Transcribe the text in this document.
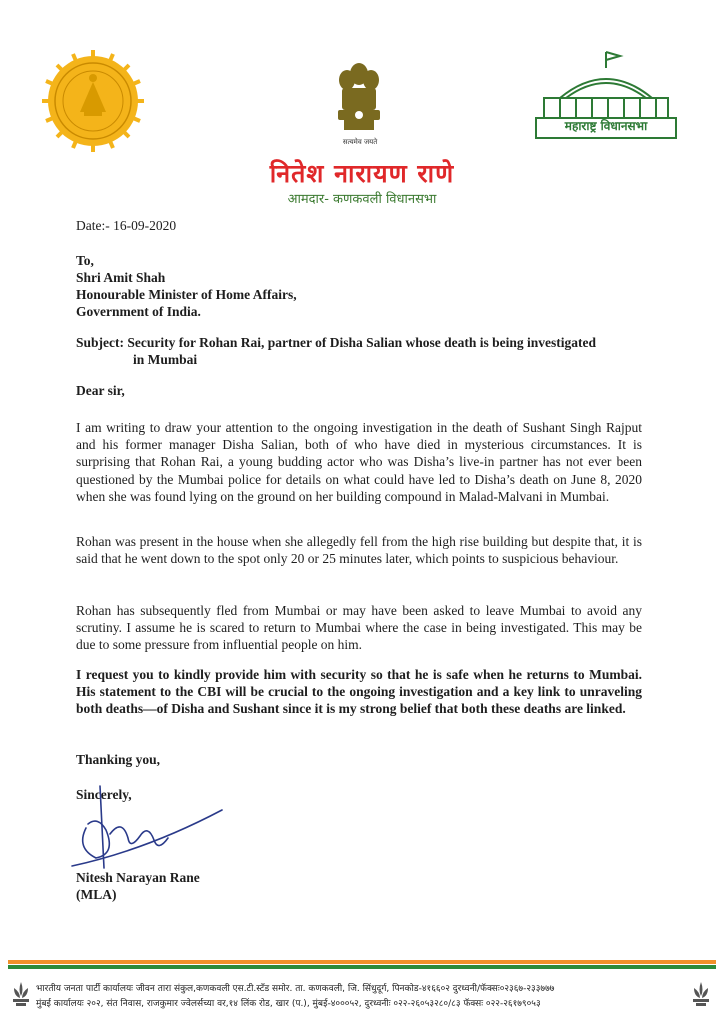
सत्यमेव जयते
महाराष्ट्र विधानसभा
नितेश नारायण राणे
आमदार- कणकवली विधानसभा
Date:- 16-09-2020
To,
Shri Amit Shah
Honourable Minister of Home Affairs,
Government of India.
Subject: Security for Rohan Rai, partner of Disha Salian whose death is being investigated
in Mumbai
Dear sir,
I am writing to draw your attention to the ongoing investigation in the death of Sushant Singh Rajput and his former manager Disha Salian, both of who have died in mysterious circumstances. It is surprising that Rohan Rai, a young budding actor who was Disha’s live-in partner has not ever been questioned by the Mumbai police for details on what could have led to Disha’s death on June 8, 2020 when she was found lying on the ground on her building compound in Malad-Malvani in Mumbai.
Rohan was present in the house when she allegedly fell from the high rise building but despite that, it is said that he went down to the spot only 20 or 25 minutes later, which points to suspicious behaviour.
Rohan has subsequently fled from Mumbai or may have been asked to leave Mumbai to avoid any scrutiny. I assume he is scared to return to Mumbai where the case in being investigated. This may be due to some pressure from influential people on him.
I request you to kindly provide him with security so that he is safe when he returns to Mumbai. His statement to the CBI will be crucial to the ongoing investigation and a key link to unraveling both deaths—of Disha and Sushant since it is my strong belief that both these deaths are linked.
Thanking you,
Sincerely,
Nitesh Narayan Rane
(MLA)
भारतीय जनता पार्टी कार्यालयः जीवन तारा संकुल,कणकवली एस.टी.स्टँड समोर. ता. कणकवली, जि. सिंधुदूर्ग, पिनकोड-४१६६०२ दुरध्वनी/फॅक्सः०२३६७-२३३७७७
मुंबई कार्यालयः २०२, संत निवास, राजकुमार ज्वेलर्सच्या वर,१४ लिंक रोड, खार (प.), मुंबई-४०००५२, दुरध्वनीः ०२२-२६०५३२८०/८३ फॅक्सः ०२२-२६१७९०५३
